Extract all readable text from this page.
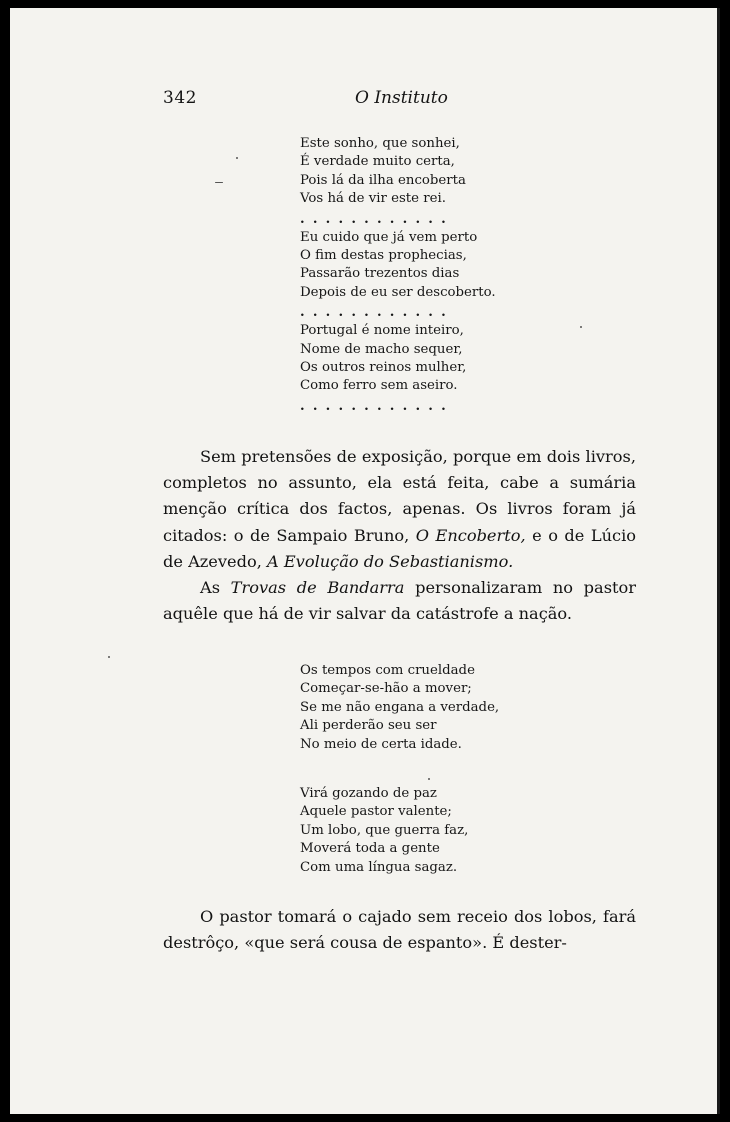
342	O Instituto
Este sonho, que sonhei,
É verdade muito certa,
Pois lá da ilha encoberta
Vos há de vir este rei.
............
Eu cuido que já vem perto
O fim destas prophecias,
Passarão trezentos dias
Depois de eu ser descoberto.
............
Portugal é nome inteiro,
Nome de macho sequer,
Os outros reinos mulher,
Como ferro sem aseiro.
............

Sem pretensões de exposição, porque em dois livros, completos no assunto, ela está feita, cabe a sumária menção crítica dos factos, apenas. Os livros foram já citados: o de Sampaio Bruno, O Encoberto, e o de Lúcio de Azevedo, A Evolução do Sebastianismo.

As Trovas de Bandarra personalizaram no pastor aquêle que há de vir salvar da catástrofe a nação.

Os tempos com crueldade
Começar-se-hão a mover;
Se me não engana a verdade,
Ali perderão seu ser
No meio de certa idade.
Virá gozando de paz
Aquele pastor valente;
Um lobo, que guerra faz,
Moverá toda a gente
Com uma língua sagaz.

O pastor tomará o cajado sem receio dos lobos, fará destrôço, «que será cousa de espanto». É dester-
